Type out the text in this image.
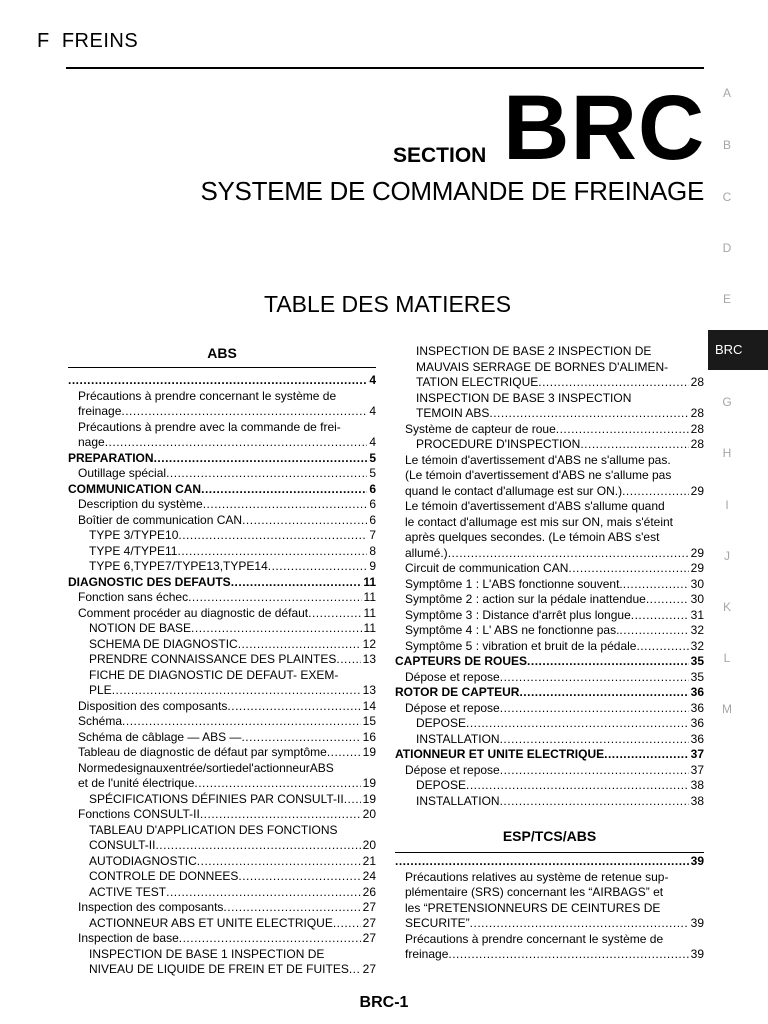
F FREINS
SECTION BRC
SYSTEME DE COMMANDE DE FREINAGE
TABLE DES MATIERES
A
B
C
D
E
G
H
I
J
K
L
M
ABS
.....
4
Précautions à prendre concernant le système de
freinage .....	4
Précautions à prendre avec la commande de frei-
nage .....	4
PREPARATION .....	5
Outillage spécial .....	5
COMMUNICATION CAN .....	6
Description du système .....	6
Boîtier de communication CAN .....	6
TYPE 3/TYPE10 .....	7
TYPE 4/TYPE11 .....	8
TYPE 6,TYPE7/TYPE13,TYPE14 .....	9
DIAGNOSTIC DES DEFAUTS .....	11
Fonction sans échec .....	11
Comment procéder au diagnostic de défaut .....	11
NOTION DE BASE .....	11
SCHEMA DE DIAGNOSTIC .....	12
PRENDRE CONNAISSANCE DES PLAINTES ..... 13
FICHE DE DIAGNOSTIC DE DEFAUT- EXEM-
PLE .....	13
Disposition des composants .....	14
Schéma .....	15
Schéma de câblage — ABS — .....	16
Tableau de diagnostic de défaut par symptôme .....	19
Normedesignauxentrée/sortiedel'actionneurABS
et de l'unité électrique .....	19
SPÉCIFICATIONS DÉFINIES PAR CONSULT-II ..... 19
Fonctions CONSULT-II .....	20
TABLEAU D'APPLICATION DES FONCTIONS
CONSULT-II .....	20
AUTODIAGNOSTIC .....	21
CONTROLE DE DONNEES .....	24
ACTIVE TEST .....	26
Inspection des composants .....	27
ACTIONNEUR ABS ET UNITE ELECTRIQUE ..... 27
Inspection de base .....	27
INSPECTION DE BASE 1 INSPECTION DE
NIVEAU DE LIQUIDE DE FREIN ET DE FUITES ..... 27
INSPECTION DE BASE 2 INSPECTION DE
MAUVAIS SERRAGE DE BORNES D'ALIMEN-
TATION ELECTRIQUE .....	28
INSPECTION DE BASE 3 INSPECTION
TEMOIN ABS .....	28
Système de capteur de roue .....	28
PROCEDURE D'INSPECTION .....	28
Le témoin d'avertissement d'ABS ne s'allume pas.
(Le témoin d'avertissement d'ABS ne s'allume pas
quand le contact d'allumage est sur ON.) .....	29
Le témoin d'avertissement d'ABS s'allume quand
le contact d'allumage est mis sur ON, mais s'éteint
après quelques secondes. (Le témoin ABS s'est
allumé.) .....	29
Circuit de communication CAN .....	29
Symptôme 1 : L'ABS fonctionne souvent. .....	30
Symptôme 2 : action sur la pédale inattendue .....	30
Symptôme 3 : Distance d'arrêt plus longue .....	31
Symptôme 4 : L' ABS ne fonctionne pas. .....	32
Symptôme 5 : vibration et bruit de la pédale .....	32
CAPTEURS DE ROUES .....	35
Dépose et repose .....	35
ROTOR DE CAPTEUR .....	36
Dépose et repose .....	36
DEPOSE .....	36
INSTALLATION .....	36
ATIONNEUR ET UNITE ELECTRIQUE .....	37
Dépose et repose .....	37
DEPOSE .....	38
INSTALLATION .....	38
ESP/TCS/ABS
.....
39
Précautions relatives au système de retenue sup-
plémentaire (SRS) concernant les “AIRBAGS” et
les “PRETENSIONNEURS DE CEINTURES DE
SECURITE” .....	39
Précautions à prendre concernant le système de
freinage .....	39
BRC-1
BRC
